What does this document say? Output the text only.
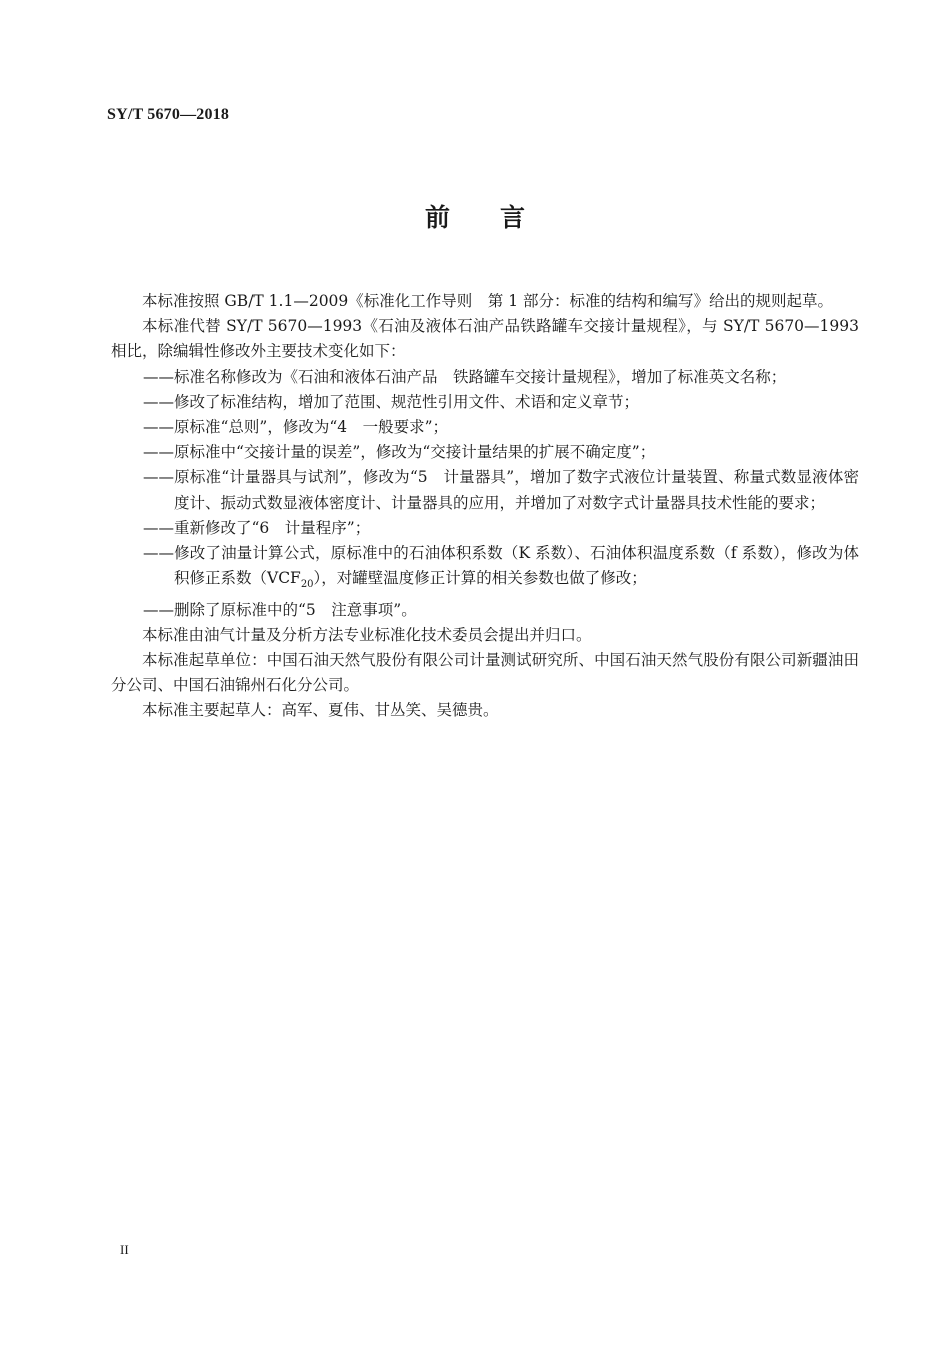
SY/T 5670—2018
前言

本标准按照 GB/T 1.1—2009《标准化工作导则　第 1 部分：标准的结构和编写》给出的规则起草。

本标准代替 SY/T 5670—1993《石油及液体石油产品铁路罐车交接计量规程》，与 SY/T 5670—1993 相比，除编辑性修改外主要技术变化如下：

——标准名称修改为《石油和液体石油产品　铁路罐车交接计量规程》，增加了标准英文名称；

——修改了标准结构，增加了范围、规范性引用文件、术语和定义章节；

——原标准“总则”，修改为“4　一般要求”；

——原标准中“交接计量的误差”，修改为“交接计量结果的扩展不确定度”；

——原标准“计量器具与试剂”，修改为“5　计量器具”，增加了数字式液位计量装置、称量式数显液体密度计、振动式数显液体密度计、计量器具的应用，并增加了对数字式计量器具技术性能的要求；

——重新修改了“6　计量程序”；

——修改了油量计算公式，原标准中的石油体积系数（K 系数）、石油体积温度系数（f 系数），修改为体积修正系数$(VCF_{20})$，对罐壁温度修正计算的相关参数也做了修改；

——删除了原标准中的“5　注意事项”。

本标准由油气计量及分析方法专业标准化技术委员会提出并归口。

本标准起草单位：中国石油天然气股份有限公司计量测试研究所、中国石油天然气股份有限公司新疆油田分公司、中国石油锦州石化分公司。

本标准主要起草人：高军、夏伟、甘丛笑、吴德贵。

II
